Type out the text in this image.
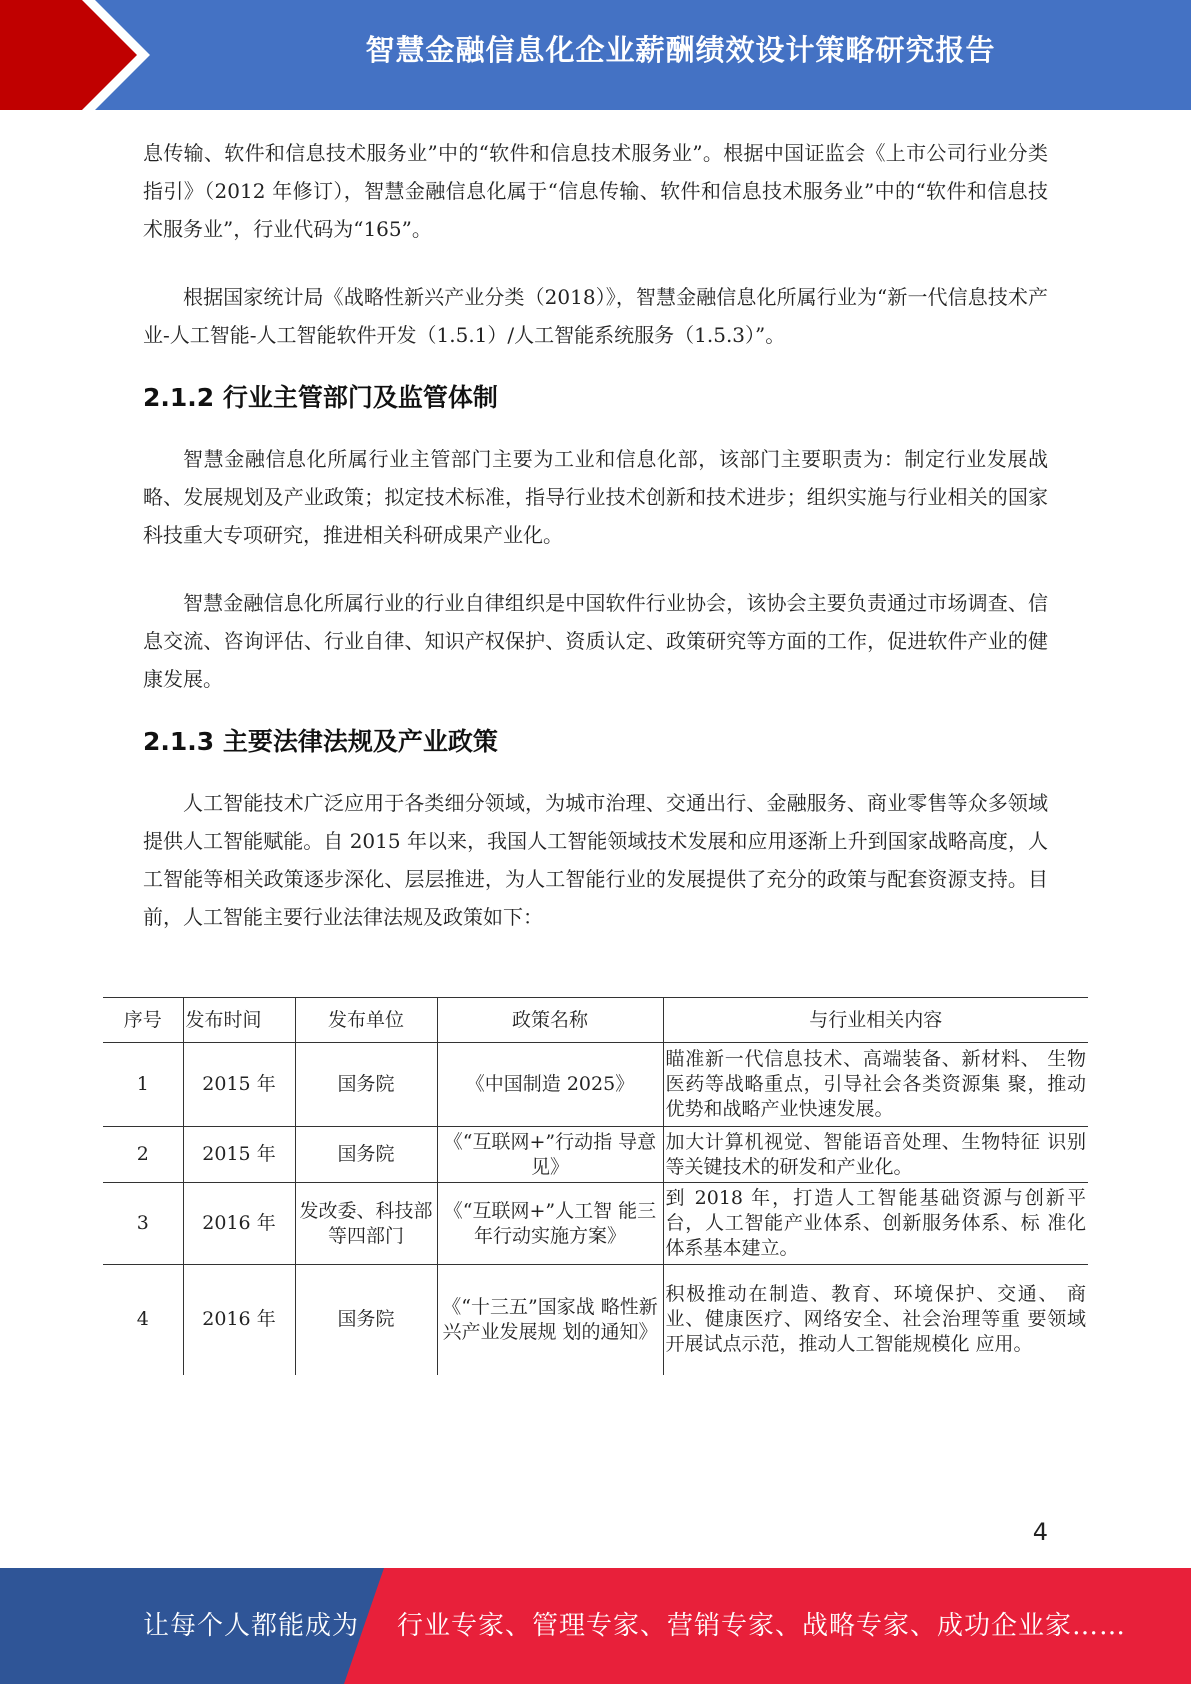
智慧金融信息化企业薪酬绩效设计策略研究报告

息传输、软件和信息技术服务业”中的“软件和信息技术服务业”。根据中国证监会《上市公司行业分类指引》（2012 年修订），智慧金融信息化属于“信息传输、软件和信息技术服务业”中的“软件和信息技术服务业”，行业代码为“165”。

根据国家统计局《战略性新兴产业分类（2018）》，智慧金融信息化所属行业为“新一代信息技术产业-人工智能-人工智能软件开发（1.5.1）/人工智能系统服务（1.5.3）”。

2.1.2 行业主管部门及监管体制

智慧金融信息化所属行业主管部门主要为工业和信息化部，该部门主要职责为：制定行业发展战略、发展规划及产业政策；拟定技术标准，指导行业技术创新和技术进步；组织实施与行业相关的国家科技重大专项研究，推进相关科研成果产业化。

智慧金融信息化所属行业的行业自律组织是中国软件行业协会，该协会主要负责通过市场调查、信息交流、咨询评估、行业自律、知识产权保护、资质认定、政策研究等方面的工作，促进软件产业的健康发展。

2.1.3 主要法律法规及产业政策

人工智能技术广泛应用于各类细分领域，为城市治理、交通出行、金融服务、商业零售等众多领域提供人工智能赋能。自 2015 年以来，我国人工智能领域技术发展和应用逐渐上升到国家战略高度，人工智能等相关政策逐步深化、层层推进，为人工智能行业的发展提供了充分的政策与配套资源支持。目前，人工智能主要行业法律法规及政策如下：

序号	发布时间	发布单位	政策名称	与行业相关内容
1	2015 年	国务院	《中国制造 2025》	瞄准新一代信息技术、高端装备、新材料、 生物医药等战略重点，引导社会各类资源集 聚，推动优势和战略产业快速发展。
2	2015 年	国务院	《“互联网+”行动指 导意见》	加大计算机视觉、智能语音处理、生物特征 识别等关键技术的研发和产业化。
3	2016 年	发改委、科技部等四部门	《“互联网+”人工智 能三年行动实施方案》	到 2018 年，打造人工智能基础资源与创新平 台，人工智能产业体系、创新服务体系、标 准化体系基本建立。
4	2016 年	国务院	《“十三五”国家战 略性新兴产业发展规 划的通知》	积极推动在制造、教育、环境保护、交通、 商业、健康医疗、网络安全、社会治理等重 要领域开展试点示范，推动人工智能规模化 应用。
4
让每个人都能成为 行业专家、管理专家、营销专家、战略专家、成功企业家……
